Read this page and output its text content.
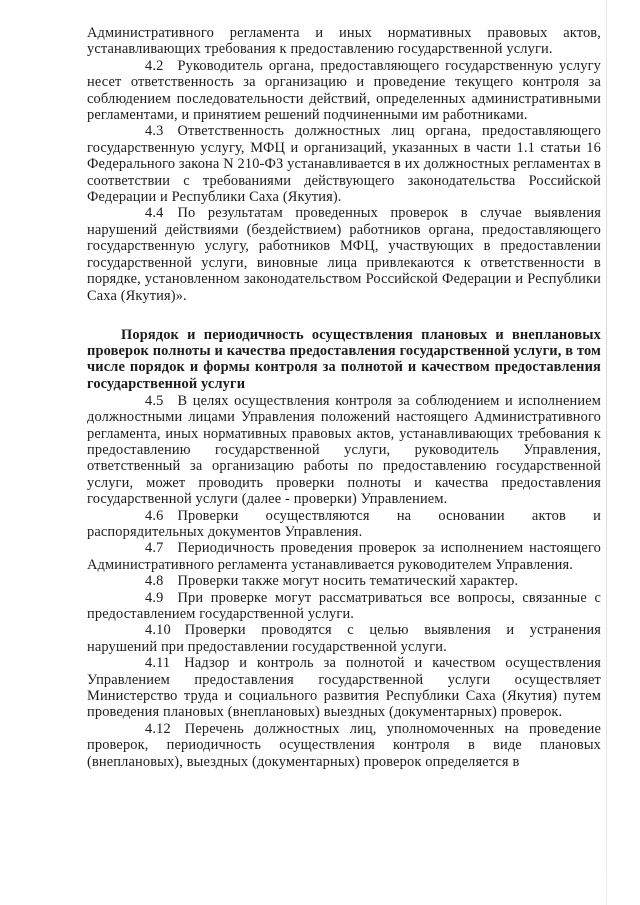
Административного регламента и иных нормативных правовых актов, устанавливающих требования к предоставлению государственной услуги.

4.2 Руководитель органа, предоставляющего государственную услугу несет ответственность за организацию и проведение текущего контроля за соблюдением последовательности действий, определенных административными регламентами, и принятием решений подчиненными им работниками.

4.3 Ответственность должностных лиц органа, предоставляющего государственную услугу, МФЦ и организаций, указанных в части 1.1 статьи 16 Федерального закона N 210-ФЗ устанавливается в их должностных регламентах в соответствии с требованиями действующего законодательства Российской Федерации и Республики Саха (Якутия).

4.4 По результатам проведенных проверок в случае выявления нарушений действиями (бездействием) работников органа, предоставляющего государственную услугу, работников МФЦ, участвующих в предоставлении государственной услуги, виновные лица привлекаются к ответственности в порядке, установленном законодательством Российской Федерации и Республики Саха (Якутия)».

Порядок и периодичность осуществления плановых и внеплановых проверок полноты и качества предоставления государственной услуги, в том числе порядок и формы контроля за полнотой и качеством предоставления государственной услуги

4.5 В целях осуществления контроля за соблюдением и исполнением должностными лицами Управления положений настоящего Административного регламента, иных нормативных правовых актов, устанавливающих требования к предоставлению государственной услуги, руководитель Управления, ответственный за организацию работы по предоставлению государственной услуги, может проводить проверки полноты и качества предоставления государственной услуги (далее - проверки) Управлением.

4.6 Проверки осуществляются на основании актов и распорядительных документов Управления.

4.7 Периодичность проведения проверок за исполнением настоящего Административного регламента устанавливается руководителем Управления.

4.8 Проверки также могут носить тематический характер.

4.9 При проверке могут рассматриваться все вопросы, связанные с предоставлением государственной услуги.

4.10 Проверки проводятся с целью выявления и устранения нарушений при предоставлении государственной услуги.

4.11 Надзор и контроль за полнотой и качеством осуществления Управлением предоставления государственной услуги осуществляет Министерство труда и социального развития Республики Саха (Якутия) путем проведения плановых (внеплановых) выездных (документарных) проверок.

4.12 Перечень должностных лиц, уполномоченных на проведение проверок, периодичность осуществления контроля в виде плановых (внеплановых), выездных (документарных) проверок определяется в
